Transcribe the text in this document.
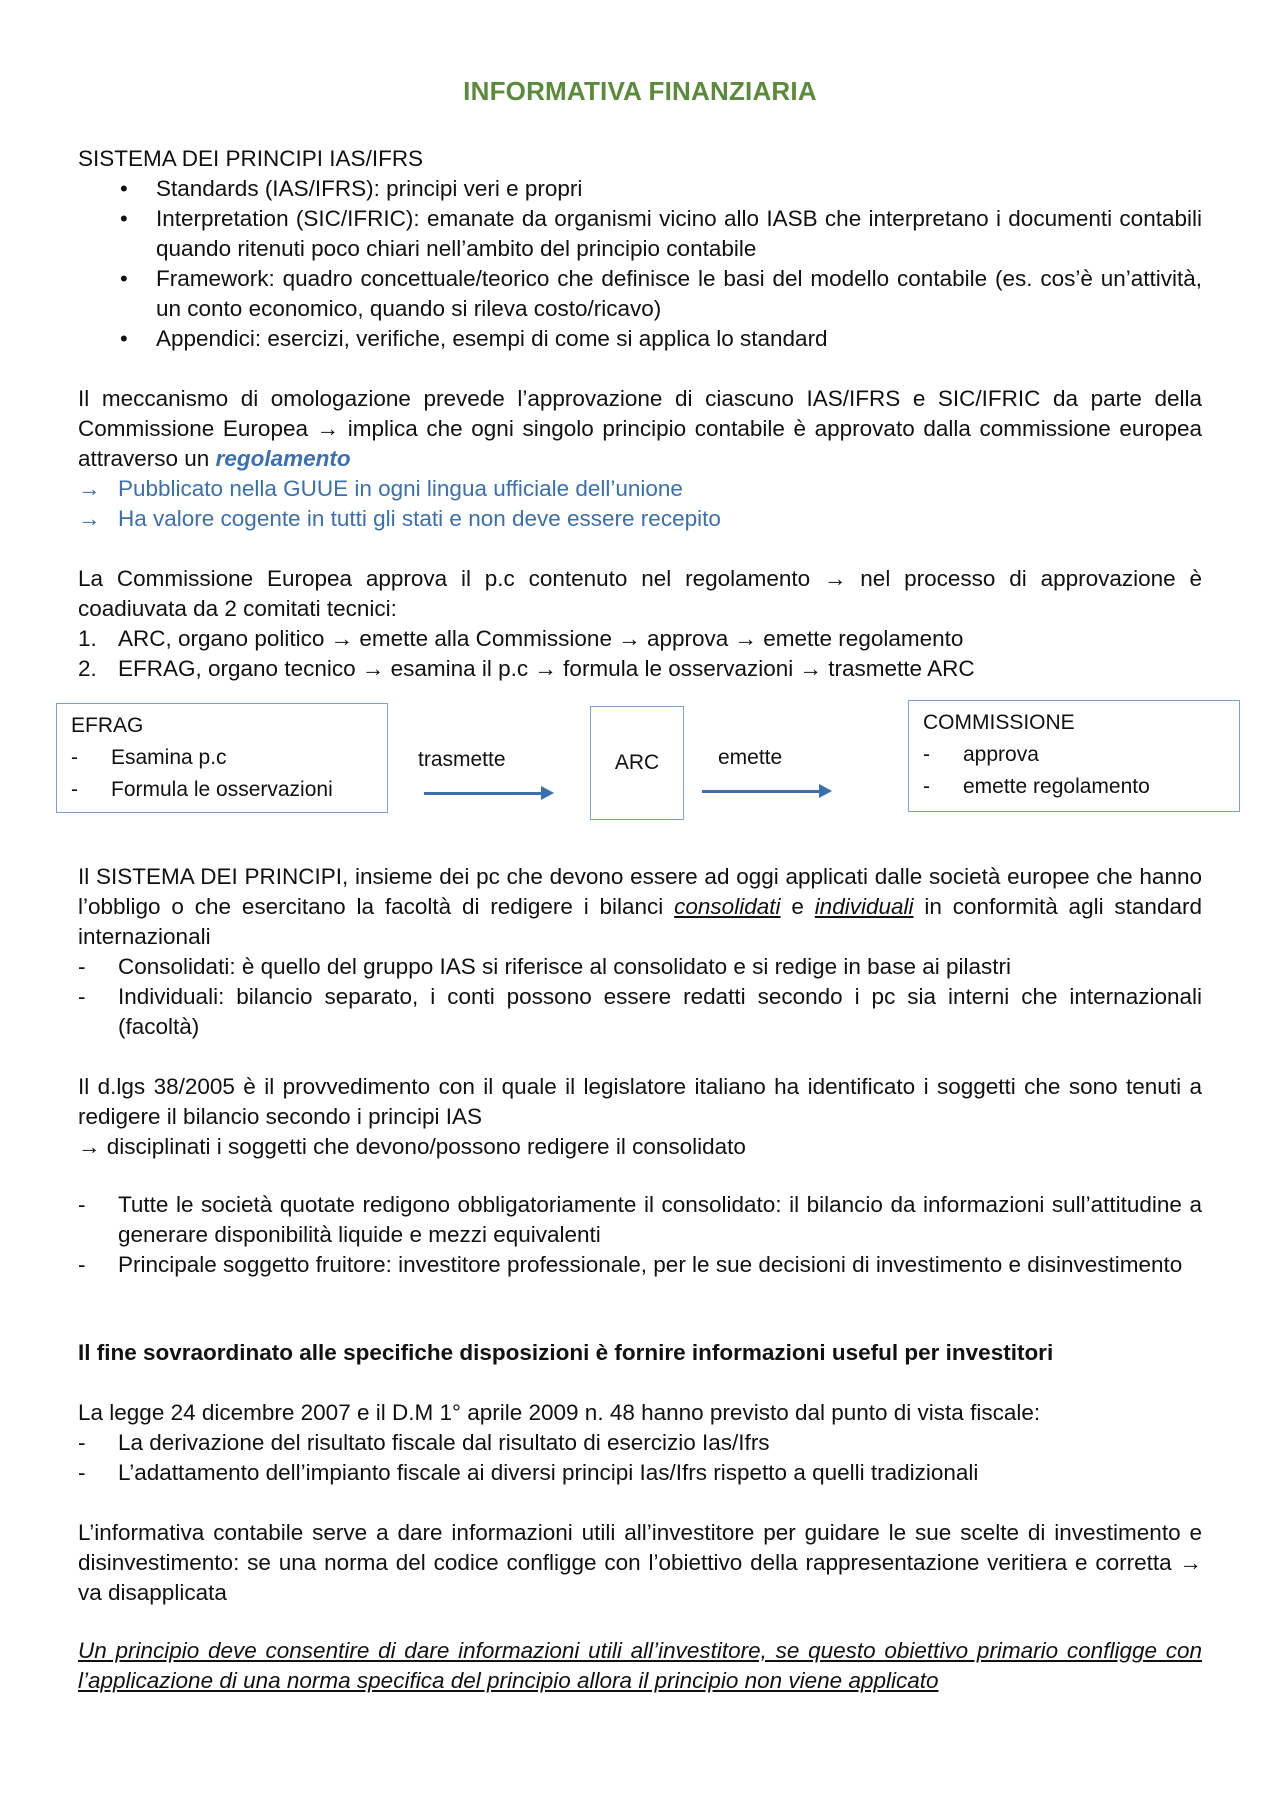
INFORMATIVA FINANZIARIA
SISTEMA DEI PRINCIPI IAS/IFRS
• Standards (IAS/IFRS): principi veri e propri
• Interpretation (SIC/IFRIC): emanate da organismi vicino allo IASB che interpretano i documenti contabili quando ritenuti poco chiari nell’ambito del principio contabile
• Framework: quadro concettuale/teorico che definisce le basi del modello contabile (es. cos’è un’attività, un conto economico, quando si rileva costo/ricavo)
• Appendici: esercizi, verifiche, esempi di come si applica lo standard
Il meccanismo di omologazione prevede l’approvazione di ciascuno IAS/IFRS e SIC/IFRIC da parte della Commissione Europea → implica che ogni singolo principio contabile è approvato dalla commissione europea attraverso un regolamento
→ Pubblicato nella GUUE in ogni lingua ufficiale dell’unione
→ Ha valore cogente in tutti gli stati e non deve essere recepito
La Commissione Europea approva il p.c contenuto nel regolamento → nel processo di approvazione è coadiuvata da 2 comitati tecnici:
1. ARC, organo politico → emette alla Commissione → approva → emette regolamento
2. EFRAG, organo tecnico → esamina il p.c → formula le osservazioni → trasmette ARC
EFRAG
- Esamina p.c
- Formula le osservazioni
trasmette	ARC	emette
COMMISSIONE
- approva
- emette regolamento
Il SISTEMA DEI PRINCIPI, insieme dei pc che devono essere ad oggi applicati dalle società europee che hanno l’obbligo o che esercitano la facoltà di redigere i bilanci consolidati e individuali in conformità agli standard internazionali
- Consolidati: è quello del gruppo IAS si riferisce al consolidato e si redige in base ai pilastri
- Individuali: bilancio separato, i conti possono essere redatti secondo i pc sia interni che internazionali (facoltà)
Il d.lgs 38/2005 è il provvedimento con il quale il legislatore italiano ha identificato i soggetti che sono tenuti a redigere il bilancio secondo i principi IAS
→ disciplinati i soggetti che devono/possono redigere il consolidato
- Tutte le società quotate redigono obbligatoriamente il consolidato: il bilancio da informazioni sull’attitudine a generare disponibilità liquide e mezzi equivalenti
- Principale soggetto fruitore: investitore professionale, per le sue decisioni di investimento e disinvestimento
Il fine sovraordinato alle specifiche disposizioni è fornire informazioni useful per investitori
La legge 24 dicembre 2007 e il D.M 1° aprile 2009 n. 48 hanno previsto dal punto di vista fiscale:
- La derivazione del risultato fiscale dal risultato di esercizio Ias/Ifrs
- L’adattamento dell’impianto fiscale ai diversi principi Ias/Ifrs rispetto a quelli tradizionali
L’informativa contabile serve a dare informazioni utili all’investitore per guidare le sue scelte di investimento e disinvestimento: se una norma del codice confligge con l’obiettivo della rappresentazione veritiera e corretta → va disapplicata
Un principio deve consentire di dare informazioni utili all’investitore, se questo obiettivo primario confligge con l’applicazione di una norma specifica del principio allora il principio non viene applicato
